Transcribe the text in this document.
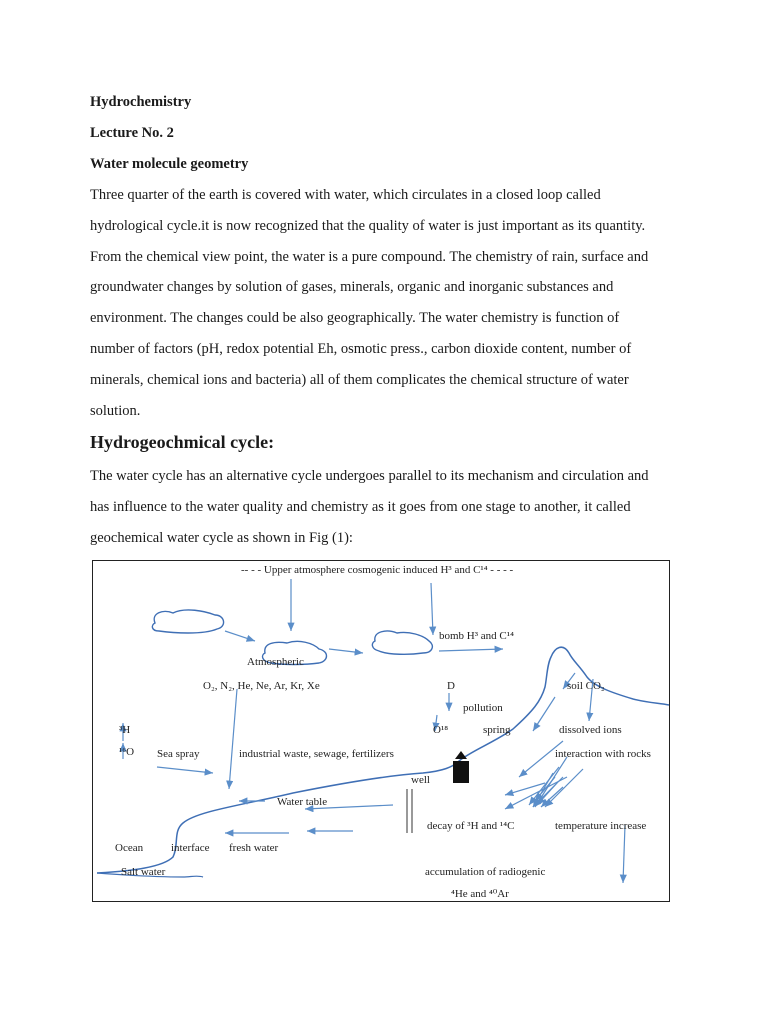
Hydrochemistry
Lecture No. 2
Water molecule geometry
Three quarter of the earth is covered with water, which circulates in a closed loop called
hydrological cycle.it is now recognized that the quality of water is just important as its quantity.
From the chemical view point, the water is a pure compound. The chemistry of rain, surface and
groundwater changes by solution of gases, minerals, organic and inorganic substances and
environment. The changes could be also geographically. The water chemistry is function of
number of factors (pH, redox potential Eh, osmotic press., carbon dioxide content, number of
minerals, chemical ions and bacteria) all of them complicates the chemical structure of water
solution.
Hydrogeochmical cycle:
The water cycle has an alternative cycle undergoes parallel to its mechanism and circulation and
has influence to the water quality and chemistry as it goes from one stage to another, it called
geochemical water cycle as shown in Fig (1):
-- - - Upper atmosphere cosmogenic induced H³ and C¹⁴ - - - -
bomb H³ and C¹⁴
Atmospheric
O₂, N₂, He, Ne, Ar, Kr, Xe	D	soil CO₂
pollution
³H
¹⁶O
O¹⁸	spring	dissolved ions
Sea spray	industrial waste, sewage, fertilizers	interaction with rocks
well
Water table
decay of ³H and ¹⁴C	temperature increase
Ocean	interface fresh water
Salt water	accumulation of radiogenic
⁴He and ⁴⁰Ar
